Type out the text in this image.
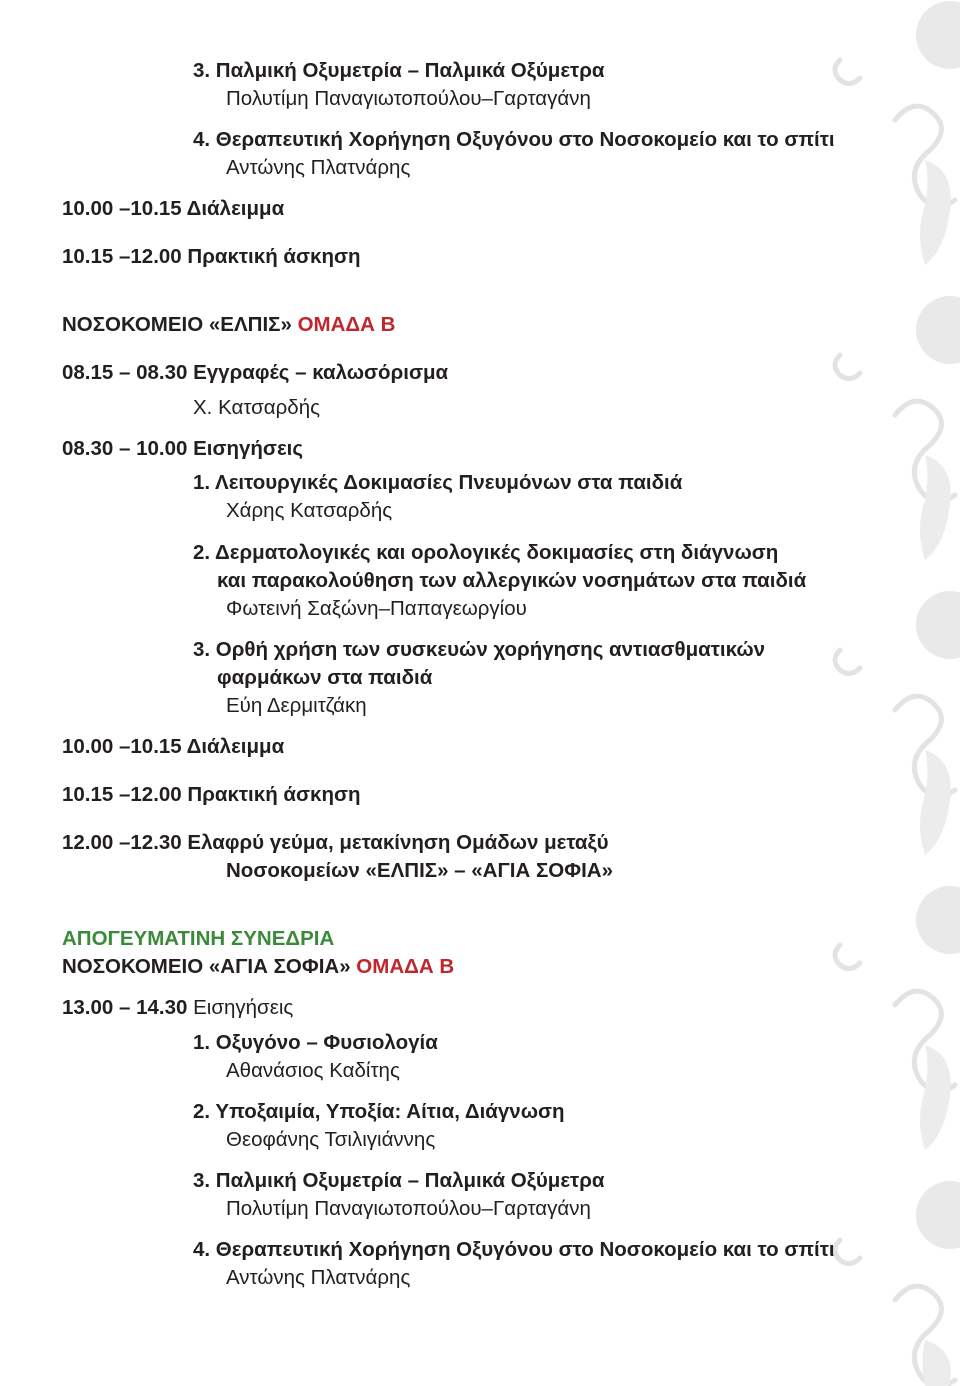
3. Παλμική Οξυμετρία – Παλμικά Οξύμετρα
Πολυτίμη Παναγιωτοπούλου–Γαρταγάνη
4. Θεραπευτική Χορήγηση Οξυγόνου στο Νοσοκομείο και το σπίτι
Αντώνης Πλατνάρης
10.00 –10.15 Διάλειμμα
10.15 –12.00 Πρακτική άσκηση
ΝΟΣΟΚΟΜΕΙΟ «ΕΛΠΙΣ» ΟΜΑΔΑ Β
08.15 – 08.30 Εγγραφές – καλωσόρισμα
Χ. Κατσαρδής
08.30 – 10.00 Εισηγήσεις
1. Λειτουργικές Δοκιμασίες Πνευμόνων στα παιδιά
Χάρης Κατσαρδής
2. Δερματολογικές και ορολογικές δοκιμασίες στη διάγνωση
και παρακολούθηση των αλλεργικών νοσημάτων στα παιδιά
Φωτεινή Σαξώνη–Παπαγεωργίου
3. Ορθή χρήση των συσκευών χορήγησης αντιασθματικών
φαρμάκων στα παιδιά
Εύη Δερμιτζάκη
10.00 –10.15 Διάλειμμα
10.15 –12.00 Πρακτική άσκηση
12.00 –12.30 Ελαφρύ γεύμα, μετακίνηση Ομάδων μεταξύ
Νοσοκομείων «ΕΛΠΙΣ» – «ΑΓΙΑ ΣΟΦΙΑ»
ΑΠΟΓΕΥΜΑΤΙΝΗ ΣΥΝΕΔΡΙΑ
ΝΟΣΟΚΟΜΕΙΟ «ΑΓΙΑ ΣΟΦΙΑ» ΟΜΑΔΑ Β
13.00 – 14.30 Εισηγήσεις
1. Οξυγόνο – Φυσιολογία
Αθανάσιος Καδίτης
2. Υποξαιμία, Υποξία: Αίτια, Διάγνωση
Θεοφάνης Τσιλιγιάννης
3. Παλμική Οξυμετρία – Παλμικά Οξύμετρα
Πολυτίμη Παναγιωτοπούλου–Γαρταγάνη
4. Θεραπευτική Χορήγηση Οξυγόνου στο Νοσοκομείο και το σπίτι
Αντώνης Πλατνάρης
